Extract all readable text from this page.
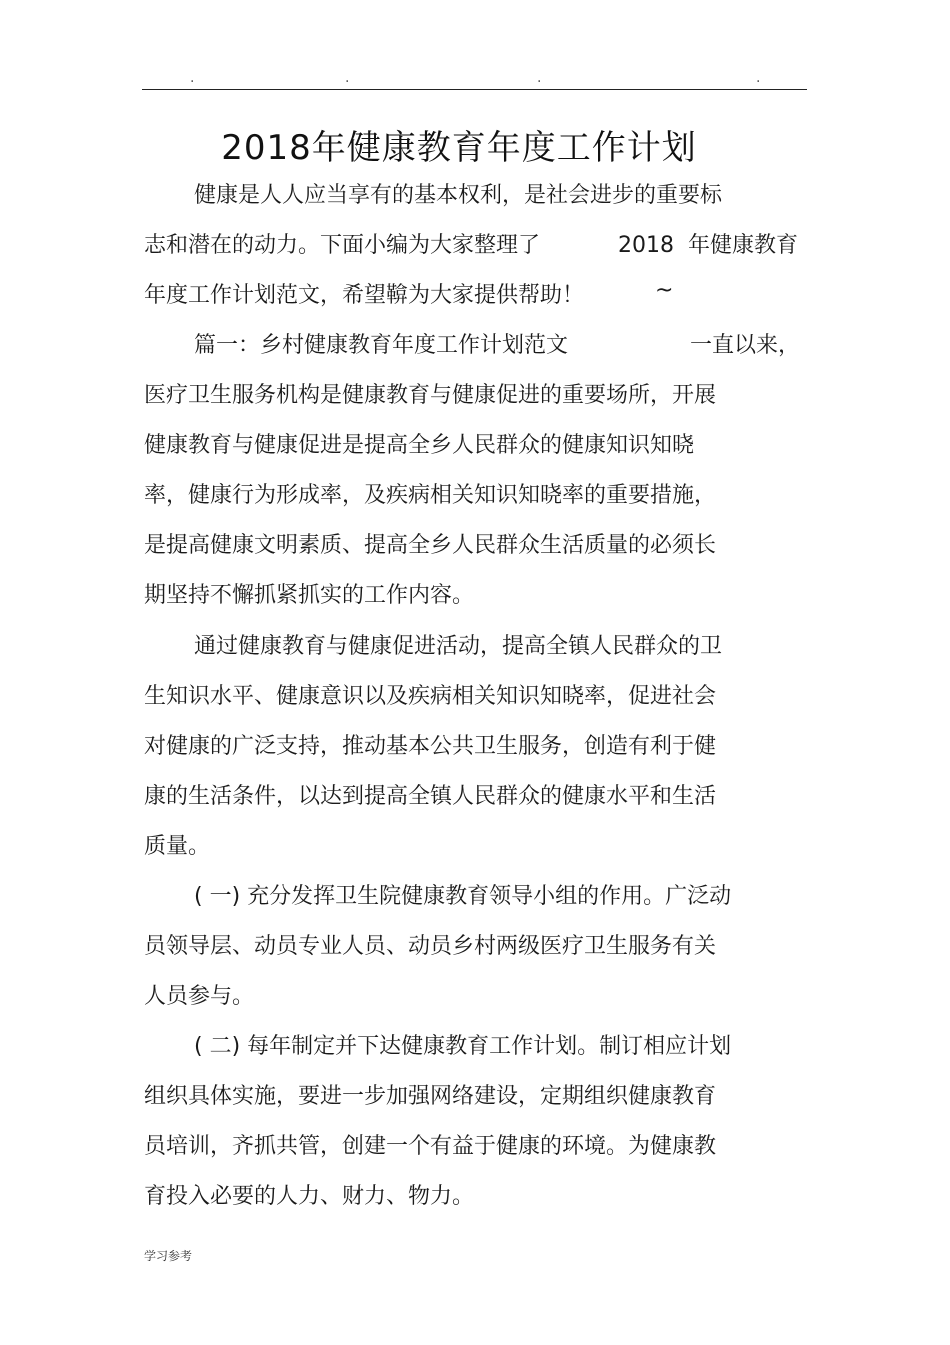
.	.	.	.
2018年健康教育年度工作计划
健康是人人应当享有的基本权利，是社会进步的重要标
志和潜在的动力。下面小编为大家整理了	2018  年健康教育
年度工作计划范文，希望鞥为大家提供帮助！	~
篇一：乡村健康教育年度工作计划范文	一直以来，
医疗卫生服务机构是健康教育与健康促进的重要场所，开展
健康教育与健康促进是提高全乡人民群众的健康知识知晓
率，健康行为形成率，及疾病相关知识知晓率的重要措施，
是提高健康文明素质、提高全乡人民群众生活质量的必须长
期坚持不懈抓紧抓实的工作内容。
通过健康教育与健康促进活动，提高全镇人民群众的卫
生知识水平、健康意识以及疾病相关知识知晓率，促进社会
对健康的广泛支持，推动基本公共卫生服务，创造有利于健
康的生活条件，以达到提高全镇人民群众的健康水平和生活
质量。
( 一) 充分发挥卫生院健康教育领导小组的作用。广泛动
员领导层、动员专业人员、动员乡村两级医疗卫生服务有关
人员参与。
( 二) 每年制定并下达健康教育工作计划。制订相应计划
组织具体实施，要进一步加强网络建设，定期组织健康教育
员培训，齐抓共管，创建一个有益于健康的环境。为健康教
育投入必要的人力、财力、物力。
学习参考
